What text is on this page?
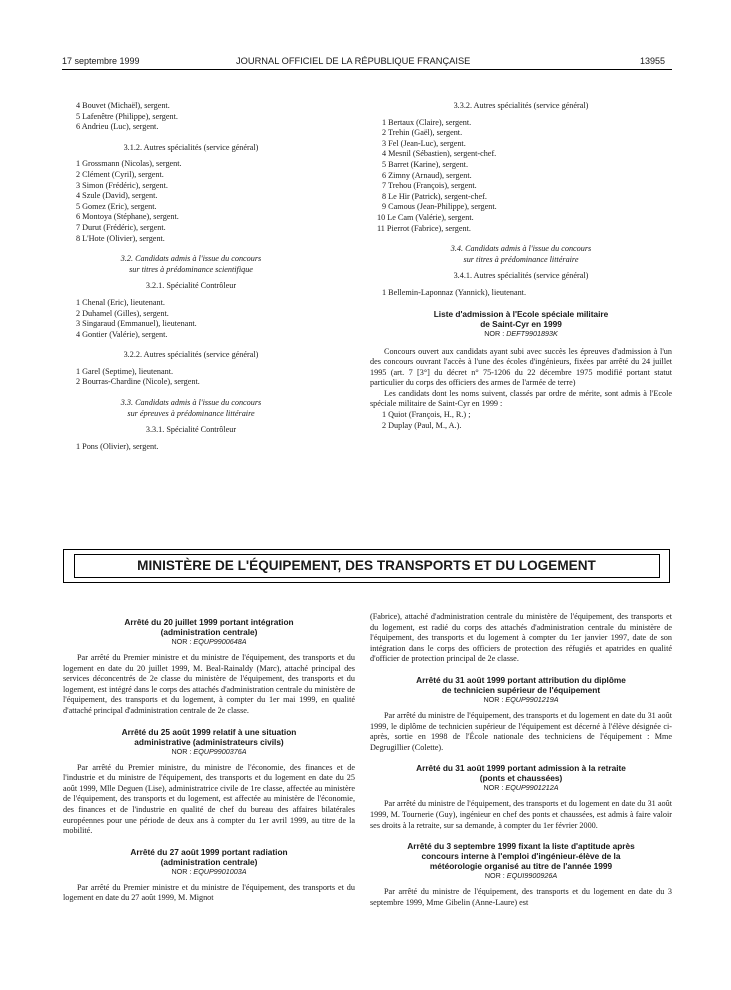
17 septembre 1999	JOURNAL OFFICIEL DE LA RÉPUBLIQUE FRANÇAISE	13955

4 Bouvet (Michaël), sergent.

5 Lafenêtre (Philippe), sergent.

6 Andrieu (Luc), sergent.

3.1.2. Autres spécialités (service général)

1 Grossmann (Nicolas), sergent.

2 Clément (Cyril), sergent.

3 Simon (Frédéric), sergent.

4 Szule (David), sergent.

5 Gomez (Eric), sergent.

6 Montoya (Stéphane), sergent.

7 Durut (Frédéric), sergent.

8 L'Hote (Olivier), sergent.

3.2. Candidats admis à l'issue du concours

sur titres à prédominance scientifique

3.2.1. Spécialité Contrôleur

1 Chenal (Eric), lieutenant.

2 Duhamel (Gilles), sergent.

3 Singaraud (Emmanuel), lieutenant.

4 Gontier (Valérie), sergent.

3.2.2. Autres spécialités (service général)

1 Garel (Septime), lieutenant.

2 Bourras-Chardine (Nicole), sergent.

3.3. Candidats admis à l'issue du concours

sur épreuves à prédominance littéraire

3.3.1. Spécialité Contrôleur

1 Pons (Olivier), sergent.

3.3.2. Autres spécialités (service général)

1 Bertaux (Claire), sergent.

2 Trehin (Gaël), sergent.

3 Fel (Jean-Luc), sergent.

4 Mesnil (Sébastien), sergent-chef.

5 Barret (Karine), sergent.

6 Zimny (Arnaud), sergent.

7 Trehou (François), sergent.

8 Le Hir (Patrick), sergent-chef.

9 Camous (Jean-Philippe), sergent.

10 Le Cam (Valérie), sergent.

11 Pierrot (Fabrice), sergent.

3.4. Candidats admis à l'issue du concours

sur titres à prédominance littéraire

3.4.1. Autres spécialités (service général)

1 Bellemin-Laponnaz (Yannick), lieutenant.

Liste d'admission à l'Ecole spéciale militaire

de Saint-Cyr en 1999

NOR : DEFT9901893K

Concours ouvert aux candidats ayant subi avec succès les épreuves d'admission à l'un des concours ouvrant l'accès à l'une des écoles d'ingénieurs, fixées par arrêté du 24 juillet 1995 (art. 7 [3°] du décret n° 75-1206 du 22 décembre 1975 modifié portant statut particulier du corps des officiers des armes de l'armée de terre)

Les candidats dont les noms suivent, classés par ordre de mérite, sont admis à l'Ecole spéciale militaire de Saint-Cyr en 1999 :

1 Quiot (François, H., R.) ;

2 Duplay (Paul, M., A.).

MINISTÈRE DE L'ÉQUIPEMENT, DES TRANSPORTS ET DU LOGEMENT

Arrêté du 20 juillet 1999 portant intégration

(administration centrale)

NOR : EQUP9900648A

Par arrêté du Premier ministre et du ministre de l'équipement, des transports et du logement en date du 20 juillet 1999, M. Beal-Rainaldy (Marc), attaché principal des services déconcentrés de 2e classe du ministère de l'équipement, des transports et du logement, est intégré dans le corps des attachés d'administration centrale du ministère de l'équipement, des transports et du logement, à compter du 1er mai 1999, en qualité d'attaché principal d'administration centrale de 2e classe.

Arrêté du 25 août 1999 relatif à une situation

administrative (administrateurs civils)

NOR : EQUP9900376A

Par arrêté du Premier ministre, du ministre de l'économie, des finances et de l'industrie et du ministre de l'équipement, des transports et du logement en date du 25 août 1999, Mlle Deguen (Lise), administratrice civile de 1re classe, affectée au ministère de l'équipement, des transports et du logement, est affectée au ministère de l'économie, des finances et de l'industrie en qualité de chef du bureau des affaires bilatérales européennes pour une période de deux ans à compter du 1er avril 1999, au titre de la mobilité.

Arrêté du 27 août 1999 portant radiation

(administration centrale)

NOR : EQUP9901003A

Par arrêté du Premier ministre et du ministre de l'équipement, des transports et du logement en date du 27 août 1999, M. Mignot

(Fabrice), attaché d'administration centrale du ministère de l'équipement, des transports et du logement, est radié du corps des attachés d'administration centrale du ministère de l'équipement, des transports et du logement à compter du 1er janvier 1997, date de son intégration dans le corps des officiers de protection des réfugiés et apatrides en qualité d'officier de protection principal de 2e classe.

Arrêté du 31 août 1999 portant attribution du diplôme

de technicien supérieur de l'équipement

NOR : EQUP9901219A

Par arrêté du ministre de l'équipement, des transports et du logement en date du 31 août 1999, le diplôme de technicien supérieur de l'équipement est décerné à l'élève désignée ci-après, sortie en 1998 de l'École nationale des techniciens de l'équipement : Mme Degrugillier (Colette).

Arrêté du 31 août 1999 portant admission à la retraite

(ponts et chaussées)

NOR : EQUP9901212A

Par arrêté du ministre de l'équipement, des transports et du logement en date du 31 août 1999, M. Tournerie (Guy), ingénieur en chef des ponts et chaussées, est admis à faire valoir ses droits à la retraite, sur sa demande, à compter du 1er février 2000.

Arrêté du 3 septembre 1999 fixant la liste d'aptitude après

concours interne à l'emploi d'ingénieur-élève de la

météorologie organisé au titre de l'année 1999

NOR : EQUI9900926A

Par arrêté du ministre de l'équipement, des transports et du logement en date du 3 septembre 1999, Mme Gibelin (Anne-Laure) est
